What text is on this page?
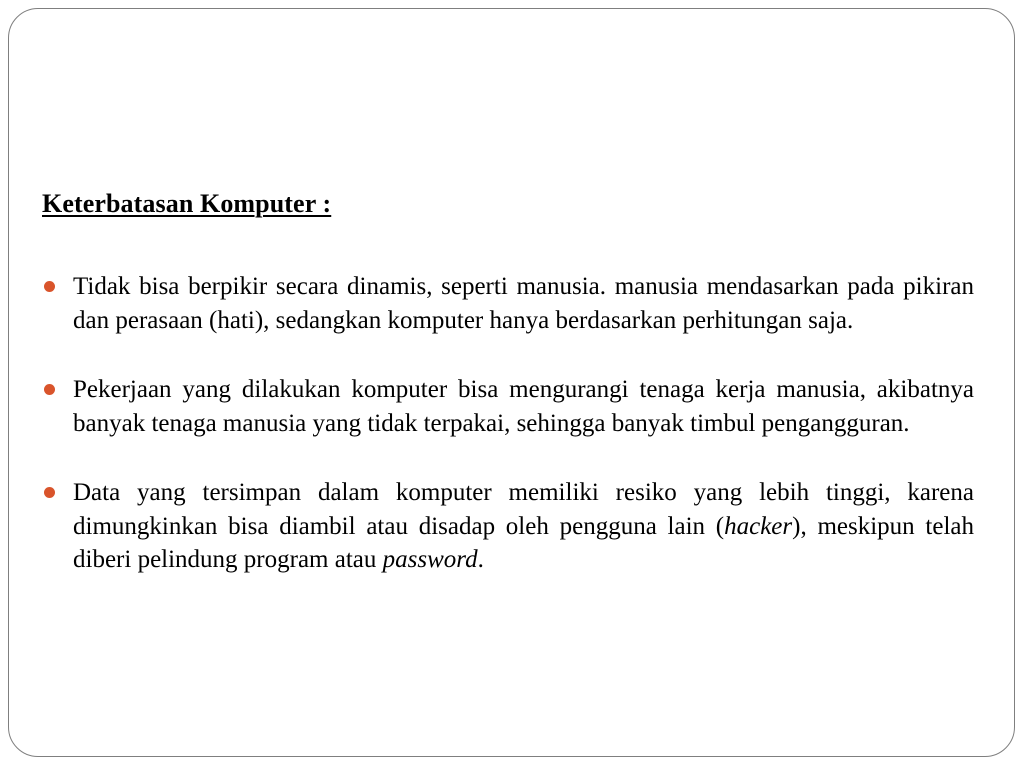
Keterbatasan Komputer :
Tidak bisa berpikir secara dinamis, seperti manusia. manusia mendasarkan pada pikiran dan perasaan (hati), sedangkan komputer hanya berdasarkan perhitungan saja.
Pekerjaan yang dilakukan komputer bisa mengurangi tenaga kerja manusia, akibatnya banyak tenaga manusia yang tidak terpakai, sehingga banyak timbul pengangguran.
Data yang tersimpan dalam komputer memiliki resiko yang lebih tinggi, karena dimungkinkan bisa diambil atau disadap oleh pengguna lain (hacker), meskipun telah diberi pelindung program atau password.
